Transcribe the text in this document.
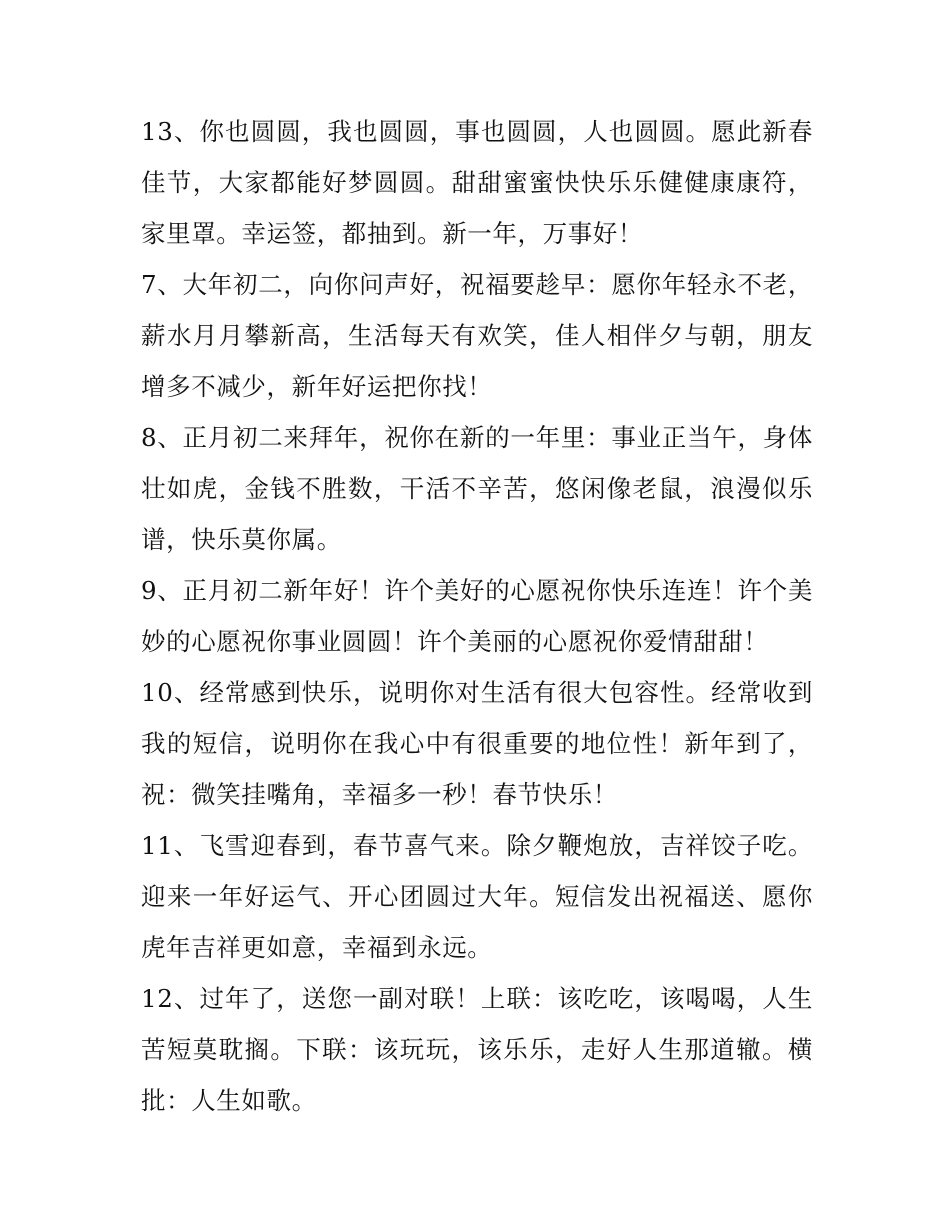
13、你也圆圆，我也圆圆，事也圆圆，人也圆圆。愿此新春佳节，大家都能好梦圆圆。甜甜蜜蜜快快乐乐健健康康符，家里罩。幸运签，都抽到。新一年，万事好！

7、大年初二，向你问声好，祝福要趁早：愿你年轻永不老，薪水月月攀新高，生活每天有欢笑，佳人相伴夕与朝，朋友增多不减少，新年好运把你找！

8、正月初二来拜年，祝你在新的一年里：事业正当午，身体壮如虎，金钱不胜数，干活不辛苦，悠闲像老鼠，浪漫似乐谱，快乐莫你属。

9、正月初二新年好！许个美好的心愿祝你快乐连连！许个美妙的心愿祝你事业圆圆！许个美丽的心愿祝你爱情甜甜！

10、经常感到快乐，说明你对生活有很大包容性。经常收到我的短信，说明你在我心中有很重要的地位性！新年到了，祝：微笑挂嘴角，幸福多一秒！春节快乐！

11、飞雪迎春到，春节喜气来。除夕鞭炮放，吉祥饺子吃。迎来一年好运气、开心团圆过大年。短信发出祝福送、愿你虎年吉祥更如意，幸福到永远。

12、过年了，送您一副对联！上联：该吃吃，该喝喝，人生苦短莫耽搁。下联：该玩玩，该乐乐，走好人生那道辙。横批：人生如歌。
